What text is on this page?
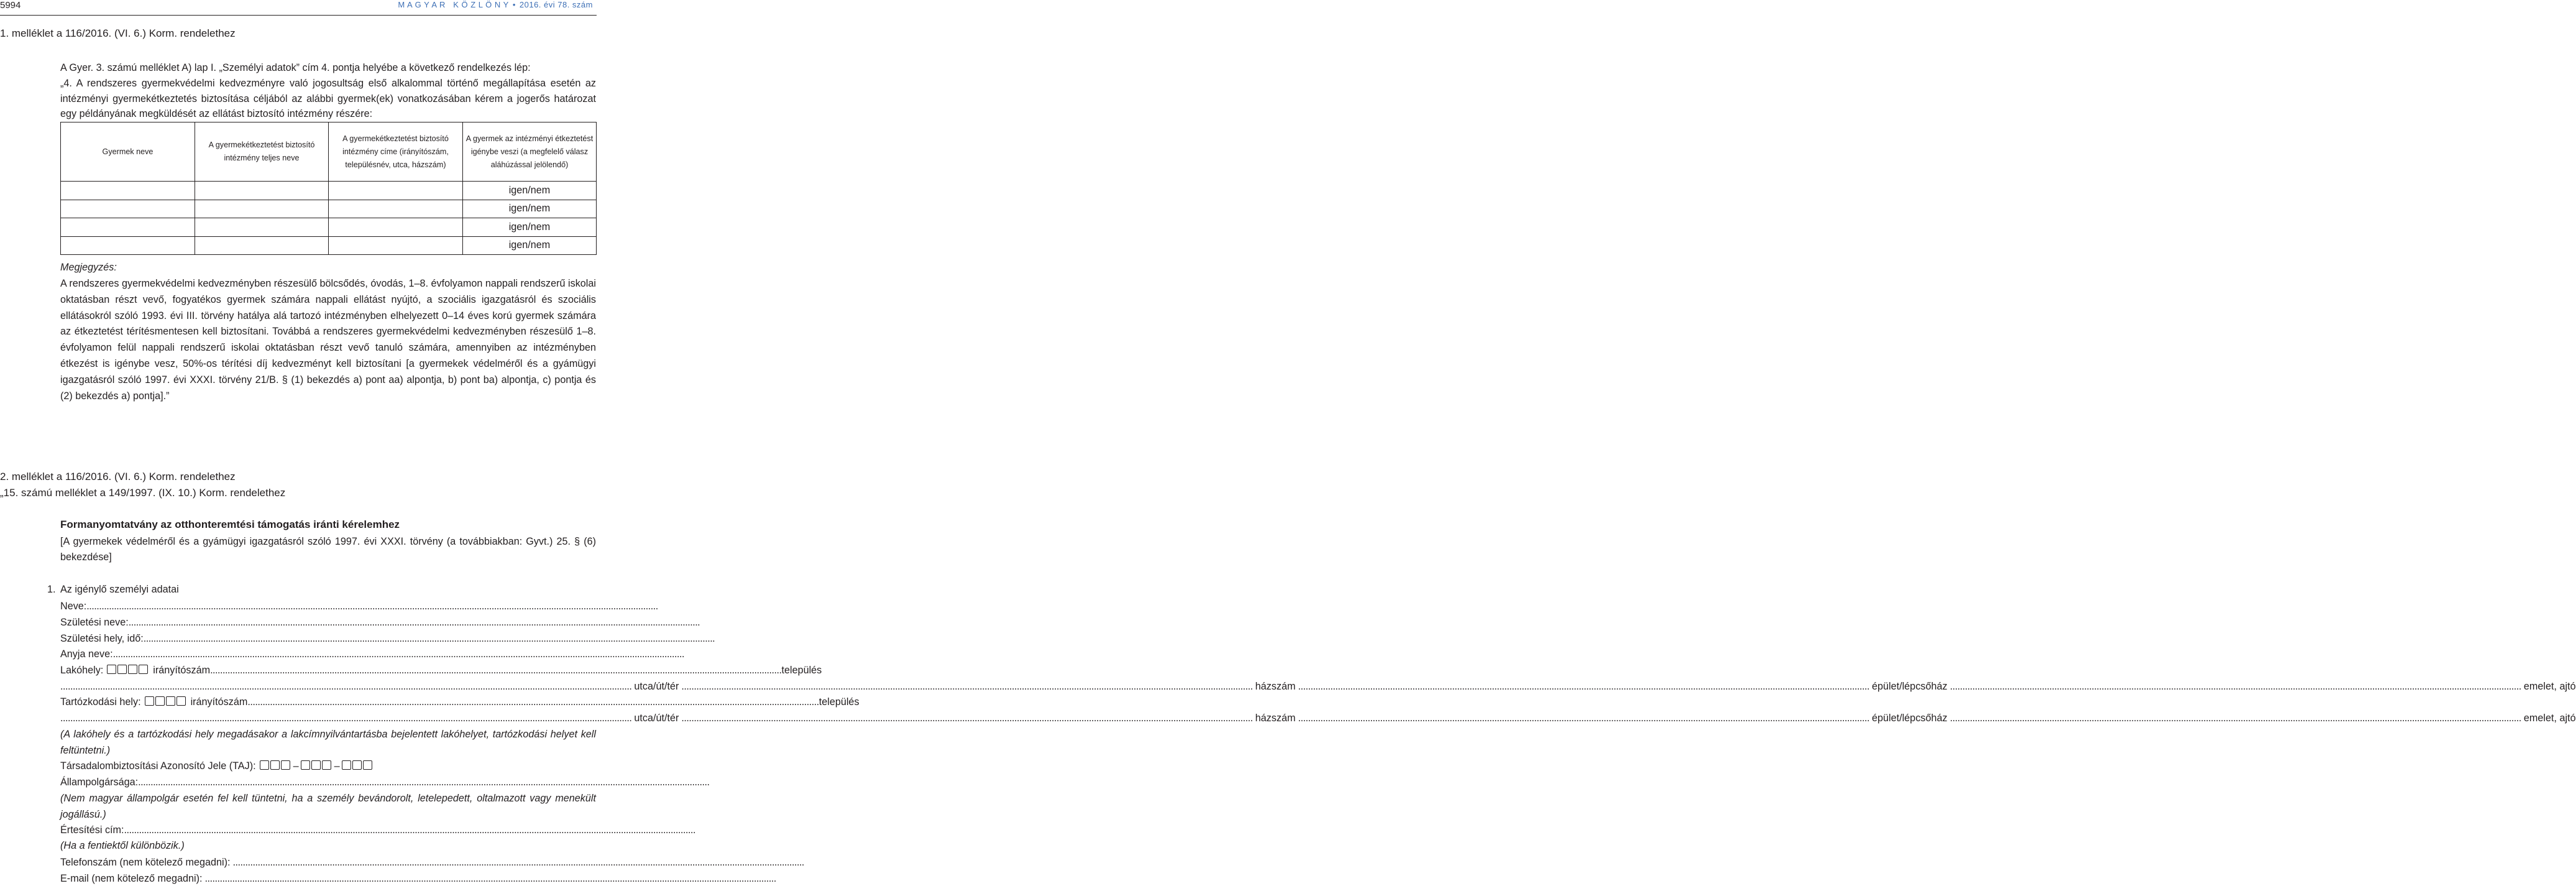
5994	M A G Y A R   K Ö Z L Ö N Y • 2016. évi 78. szám
1. melléklet a 116/2016. (VI. 6.) Korm. rendelethez
A Gyer. 3. számú melléklet A) lap I. „Személyi adatok” cím 4. pontja helyébe a következő rendelkezés lép:
„4. A rendszeres gyermekvédelmi kedvezményre való jogosultság első alkalommal történő megállapítása esetén az intézményi gyermekétkeztetés biztosítása céljából az alábbi gyermek(ek) vonatkozásában kérem a jogerős határozat egy példányának megküldését az ellátást biztosító intézmény részére:
Gyermek neve	A gyermekétkeztetést biztosító intézmény teljes neve	A gyermekétkeztetést biztosító intézmény címe (irányítószám, településnév, utca, házszám)	A gyermek az intézményi étkeztetést igénybe veszi (a megfelelő válasz aláhúzással jelölendő)
			igen/nem
			igen/nem
			igen/nem
			igen/nem
Megjegyzés:
A rendszeres gyermekvédelmi kedvezményben részesülő bölcsődés, óvodás, 1–8. évfolyamon nappali rendszerű iskolai oktatásban részt vevő, fogyatékos gyermek számára nappali ellátást nyújtó, a szociális igazgatásról és szociális ellátásokról szóló 1993. évi III. törvény hatálya alá tartozó intézményben elhelyezett 0–14 éves korú gyermek számára az étkeztetést térítésmentesen kell biztosítani. Továbbá a rendszeres gyermekvédelmi kedvezményben részesülő 1–8. évfolyamon felül nappali rendszerű iskolai oktatásban részt vevő tanuló számára, amennyiben az intézményben étkezést is igénybe vesz, 50%-os térítési díj kedvezményt kell biztosítani [a gyermekek védelméről és a gyámügyi igazgatásról szóló 1997. évi XXXI. törvény 21/B. § (1) bekezdés a) pont aa) alpontja, b) pont ba) alpontja, c) pontja és (2) bekezdés a) pontja].”
2. melléklet a 116/2016. (VI. 6.) Korm. rendelethez
„15. számú melléklet a 149/1997. (IX. 10.) Korm. rendelethez
Formanyomtatvány az otthonteremtési támogatás iránti kérelemhez
[A gyermekek védelméről és a gyámügyi igazgatásról szóló 1997. évi XXXI. törvény (a továbbiakban: Gyvt.) 25. § (6) bekezdése]
1. Az igénylő személyi adatai
Neve: ......................................................................................................................................................................................................................................
Születési neve: ......................................................................................................................................................................................................................................
Születési hely, idő: ......................................................................................................................................................................................................................................
Anyja neve: ......................................................................................................................................................................................................................................
Lakóhely:	irányítószám ...................................................................................................................................................................................................................................... település
...................................................................................................................................................................................................................................... utca/út/tér ...................................................................................................................................................................................................................................... házszám ...................................................................................................................................................................................................................................... épület/lépcsőház ...................................................................................................................................................................................................................................... emelet, ajtó
Tartózkodási hely:	irányítószám ...................................................................................................................................................................................................................................... település
...................................................................................................................................................................................................................................... utca/út/tér ...................................................................................................................................................................................................................................... házszám ...................................................................................................................................................................................................................................... épület/lépcsőház ...................................................................................................................................................................................................................................... emelet, ajtó
(A lakóhely és a tartózkodási hely megadásakor a lakcímnyilvántartásba bejelentett lakóhelyet, tartózkodási helyet kell feltüntetni.)
Társadalombiztosítási Azonosító Jele (TAJ):	–	–
Állampolgársága: ......................................................................................................................................................................................................................................
(Nem magyar állampolgár esetén fel kell tüntetni, ha a személy bevándorolt, letelepedett, oltalmazott vagy menekült jogállású.)
Értesítési cím: ......................................................................................................................................................................................................................................
(Ha a fentiektől különbözik.)
Telefonszám (nem kötelező megadni): ......................................................................................................................................................................................................................................
E-mail (nem kötelező megadni): ......................................................................................................................................................................................................................................
